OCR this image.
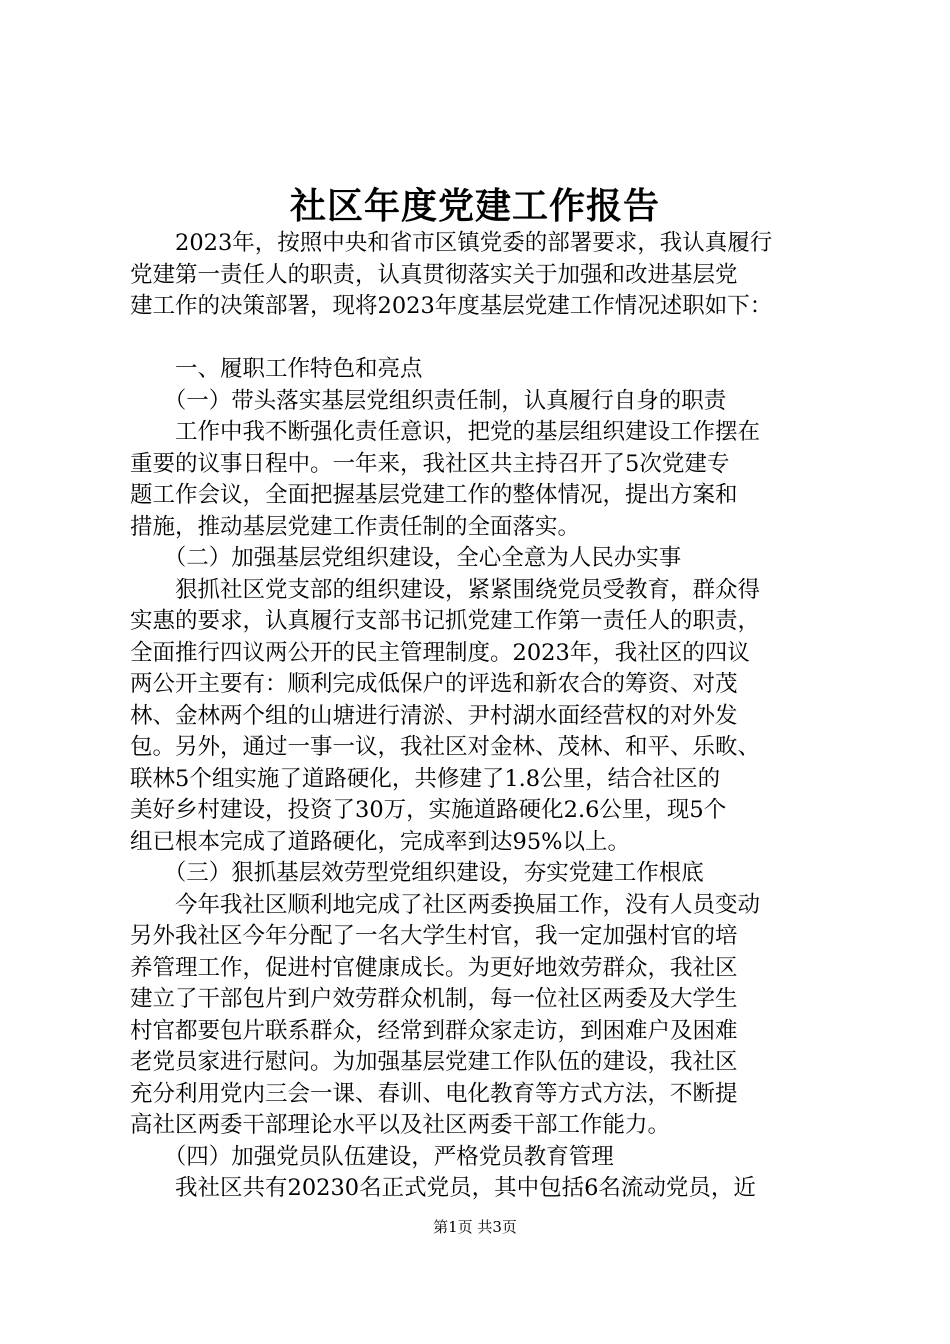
社区年度党建工作报告
　　2023年，按照中央和省市区镇党委的部署要求，我认真履行
党建第一责任人的职责，认真贯彻落实关于加强和改进基层党
建工作的决策部署，现将2023年度基层党建工作情况述职如下：
　　一、履职工作特色和亮点
　　（一）带头落实基层党组织责任制，认真履行自身的职责
　　工作中我不断强化责任意识，把党的基层组织建设工作摆在
重要的议事日程中。一年来，我社区共主持召开了5次党建专
题工作会议，全面把握基层党建工作的整体情况，提出方案和
措施，推动基层党建工作责任制的全面落实。
　　（二）加强基层党组织建设，全心全意为人民办实事
　　狠抓社区党支部的组织建设，紧紧围绕党员受教育，群众得
实惠的要求，认真履行支部书记抓党建工作第一责任人的职责，
全面推行四议两公开的民主管理制度。2023年，我社区的四议
两公开主要有：顺利完成低保户的评选和新农合的筹资、对茂
林、金林两个组的山塘进行清淤、尹村湖水面经营权的对外发
包。另外，通过一事一议，我社区对金林、茂林、和平、乐畋、
联林5个组实施了道路硬化，共修建了1.8公里，结合社区的
美好乡村建设，投资了30万，实施道路硬化2.6公里，现5个
组已根本完成了道路硬化，完成率到达95%以上。
　　（三）狠抓基层效劳型党组织建设，夯实党建工作根底
　　今年我社区顺利地完成了社区两委换届工作，没有人员变动
另外我社区今年分配了一名大学生村官，我一定加强村官的培
养管理工作，促进村官健康成长。为更好地效劳群众，我社区
建立了干部包片到户效劳群众机制，每一位社区两委及大学生
村官都要包片联系群众，经常到群众家走访，到困难户及困难
老党员家进行慰问。为加强基层党建工作队伍的建设，我社区
充分利用党内三会一课、春训、电化教育等方式方法，不断提
高社区两委干部理论水平以及社区两委干部工作能力。
　　（四）加强党员队伍建设，严格党员教育管理
　　我社区共有20230名正式党员，其中包括6名流动党员，近
第1页 共3页
